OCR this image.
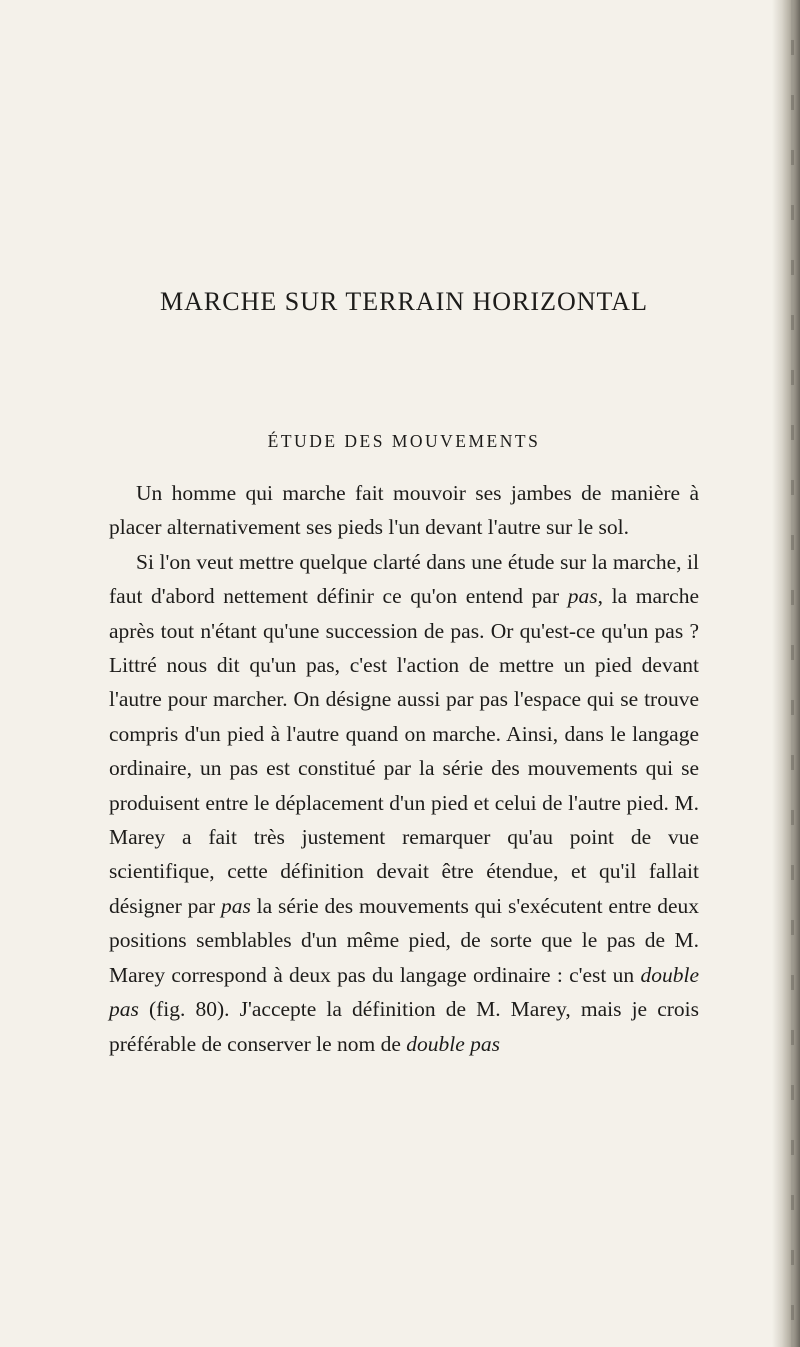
MARCHE SUR TERRAIN HORIZONTAL
ÉTUDE DES MOUVEMENTS

Un homme qui marche fait mouvoir ses jambes de manière à placer alternativement ses pieds l'un devant l'autre sur le sol.

Si l'on veut mettre quelque clarté dans une étude sur la marche, il faut d'abord nettement définir ce qu'on entend par pas, la marche après tout n'étant qu'une succession de pas. Or qu'est-ce qu'un pas ? Littré nous dit qu'un pas, c'est l'action de mettre un pied devant l'autre pour marcher. On désigne aussi par pas l'espace qui se trouve compris d'un pied à l'autre quand on marche. Ainsi, dans le langage ordinaire, un pas est constitué par la série des mouvements qui se produisent entre le déplacement d'un pied et celui de l'autre pied. M. Marey a fait très justement remarquer qu'au point de vue scientifique, cette définition devait être étendue, et qu'il fallait désigner par pas la série des mouvements qui s'exécutent entre deux positions semblables d'un même pied, de sorte que le pas de M. Marey correspond à deux pas du langage ordinaire : c'est un double pas (fig. 80). J'accepte la définition de M. Marey, mais je crois préférable de conserver le nom de double pas
